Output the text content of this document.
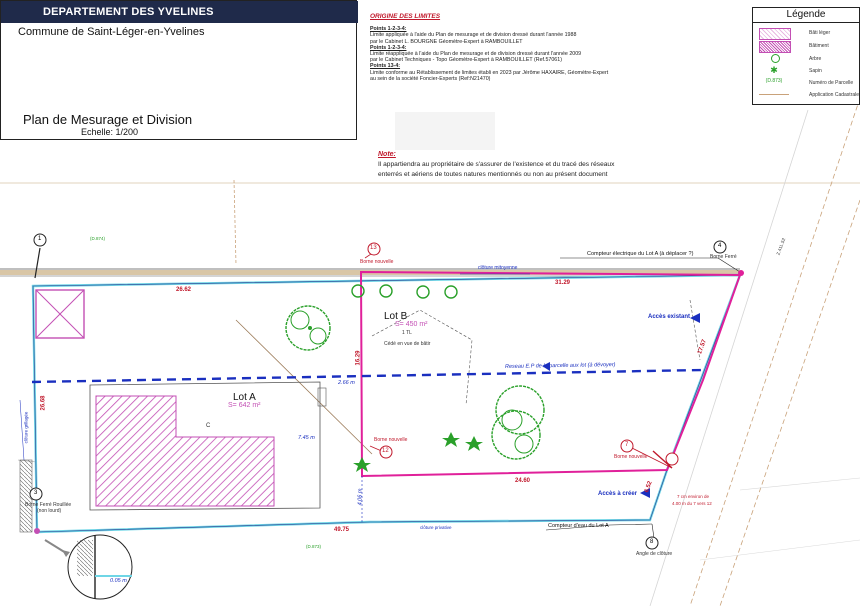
DEPARTEMENT DES YVELINES
Commune de Saint-Léger-en-Yvelines
Plan de Mesurage et Division
Echelle: 1/200

ORIGINE DES LIMITES

Points 1-2-3-4:

Limite appliquée à l'aide du Plan de mesurage et de division dressé durant l'année 1988

par le Cabinet L. BOURGNE Géomètre-Expert à RAMBOUILLET

Points 1-2-3-4:

Limite réappliquée à l'aide du Plan de mesurage et de division dressé durant l'année 2009

par le Cabinet Techniques - Topo Géomètre-Expert à RAMBOUILLET (Ref.57061)

Points 13-4:

Limite conforme au Rétablissement de limites établi en 2023 par Jérôme HAXAIRE, Géomètre-Expert

au sein de la société Foncier-Experts (Ref:N21470)

Note:
Il appartiendra au propriétaire de s'assurer de l'existence et du tracé des réseaux
enterrés et aériens de toutes natures mentionnés ou non au présent document
Légende
Bâti léger
Bâtiment
Arbre
✱	Sapin
(D.873)	Numéro de Parcelle
Application Cadastrale
Lot B
S= 450 m²
1 TL
Cédé en vue de bâtir
Lot A
S= 642 m²
C
1
4
13
12
7
8
3
Borne Ferré
Borne nouvelle
Borne nouvelle
Borne nouvelle
Angle de clôture
Borne Ferré Rouillée
(non lourd)
26.62
31.29
16.29
2.66 m
26.68
7.45 m
17.57
24.60
4.06 m
6.52
49.75
0.05 m
clôture mitoyenne
Compteur électrique du Lot A (à déplacer ?)
Accès existant
Reseau E.P de la parcelle aux lot (à dévoyer)
Accès à créer
Compteur d'eau du Lot A
clôture privative
clôture grillagée
7 cm environ de
4.00 m du 7 vers 12
(D.874)
(D.873)
Z.41L.52
